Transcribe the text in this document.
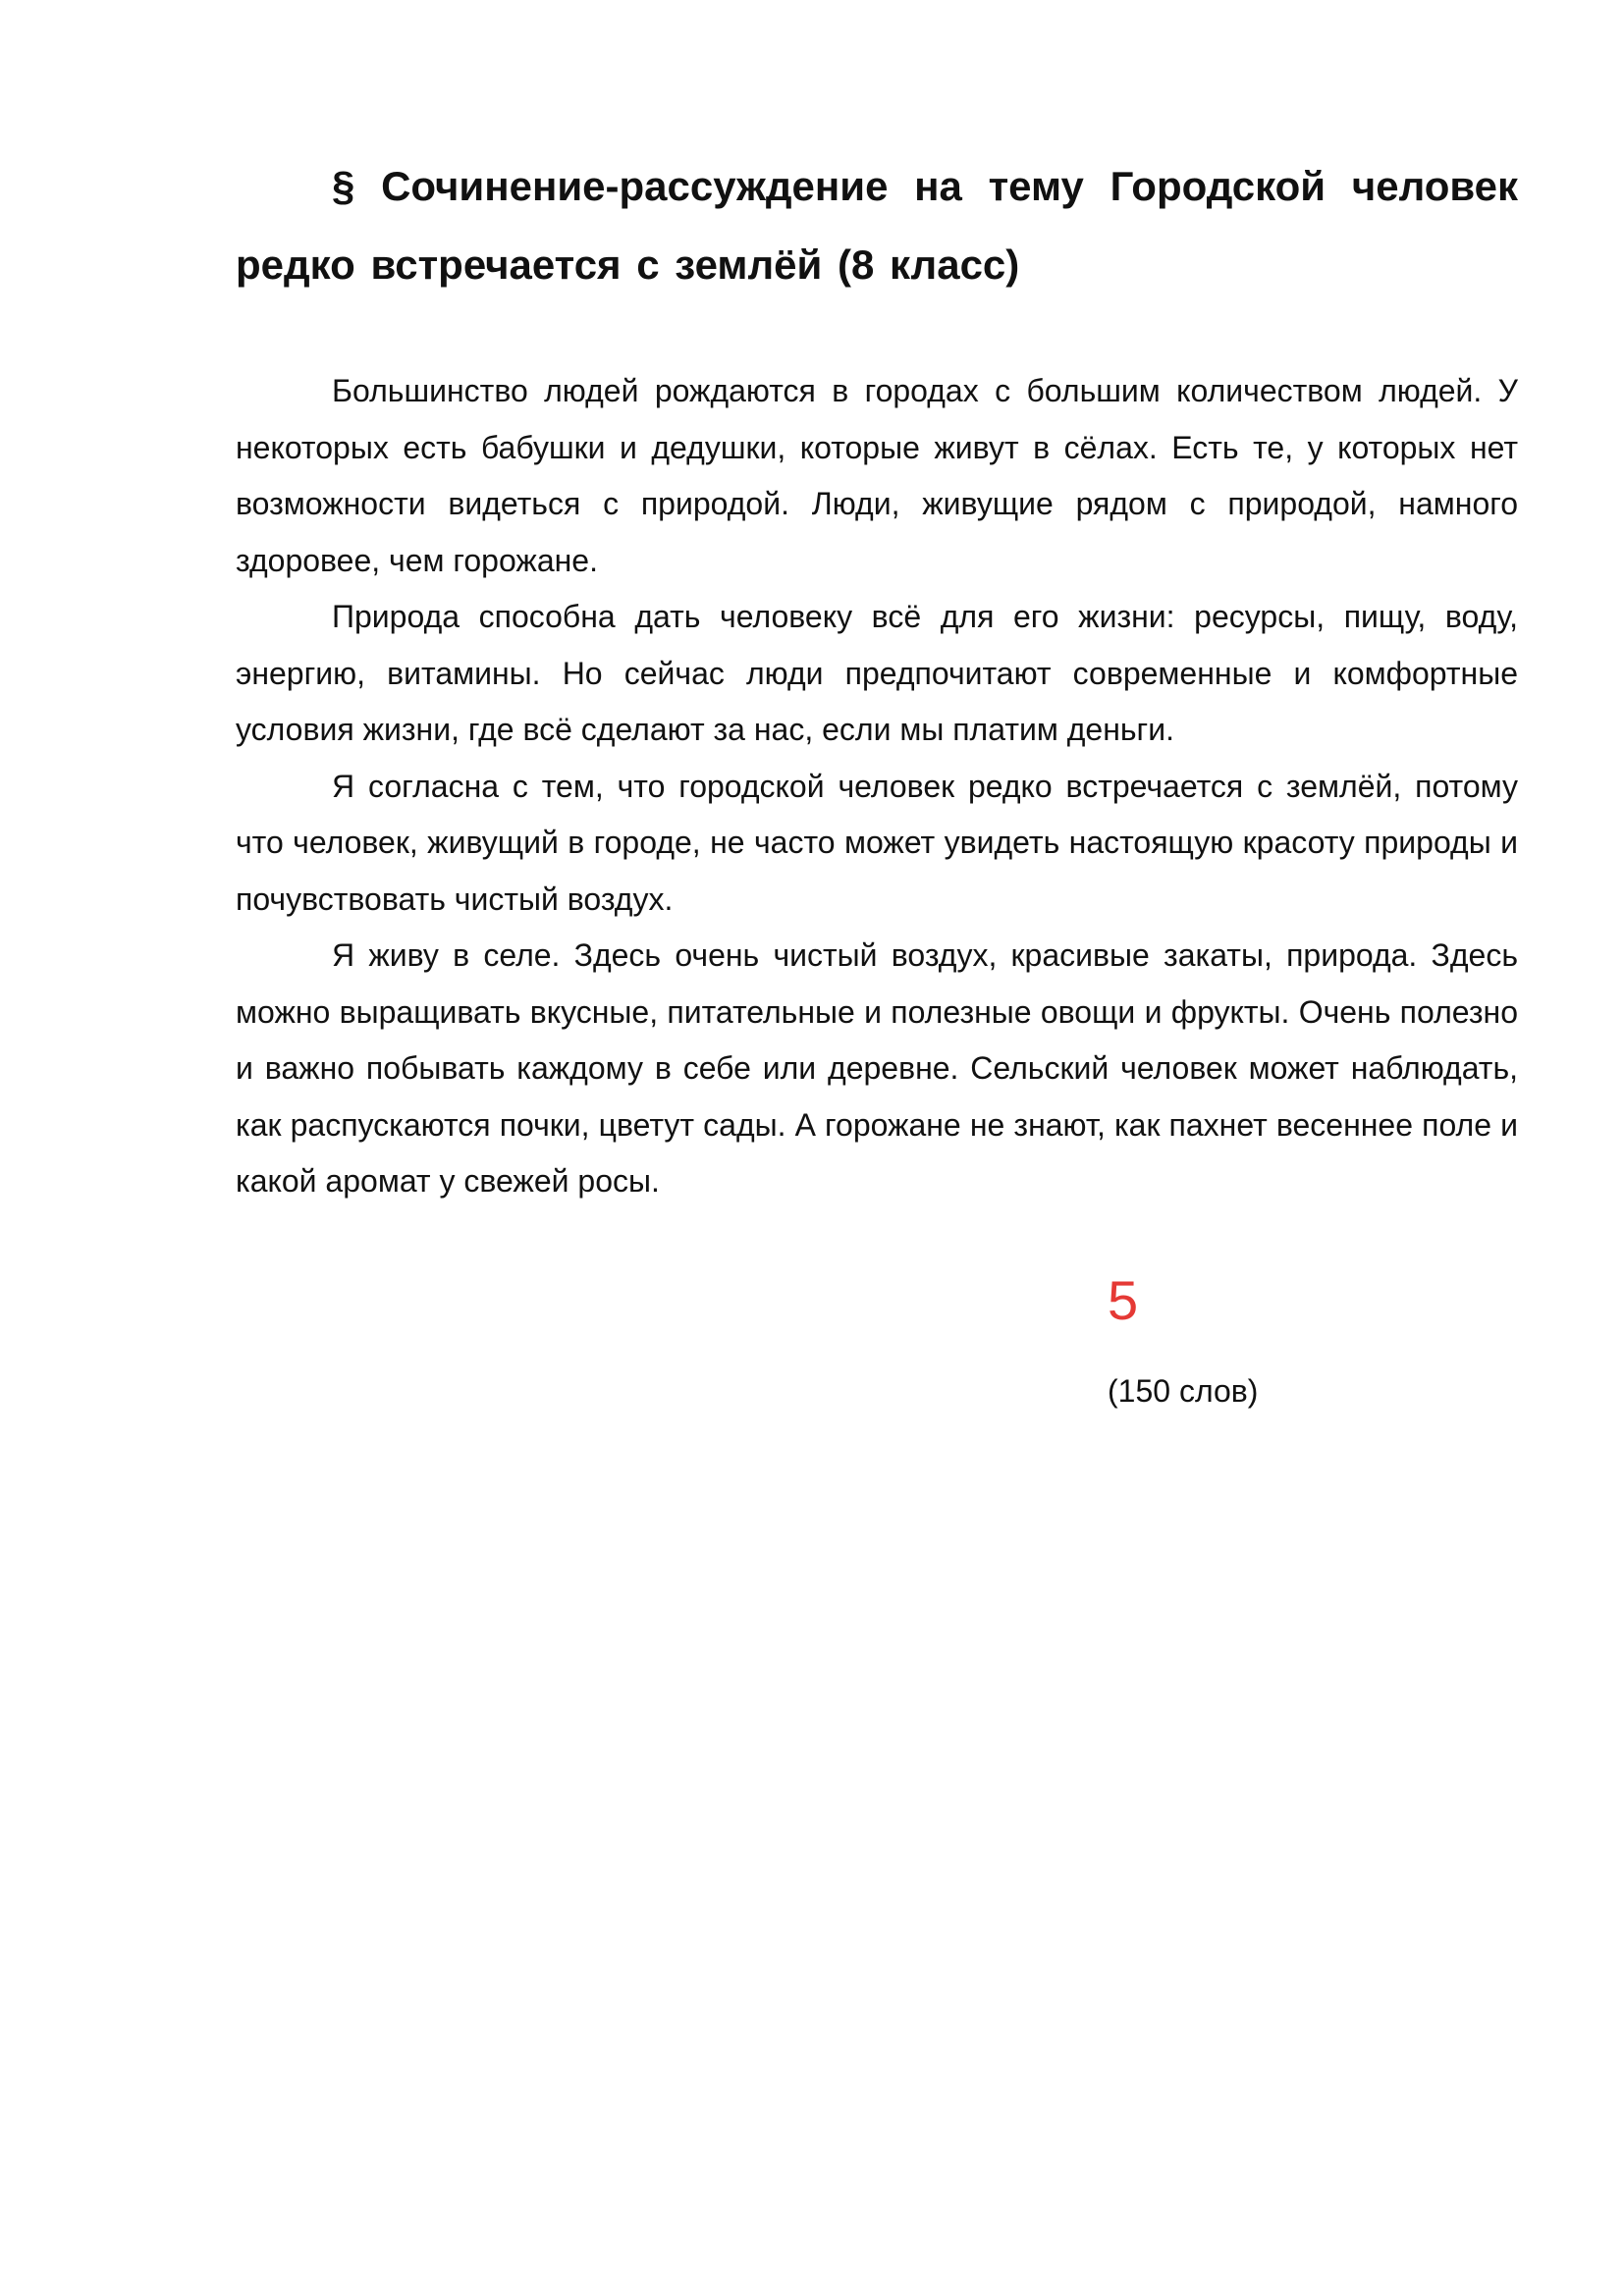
§ Сочинение-рассуждение на тему Городской человек редко встречается с землёй (8 класс)

Большинство людей рождаются в городах с большим количеством людей. У некоторых есть бабушки и дедушки, которые живут в сёлах. Есть те, у которых нет возможности видеться с природой. Люди, живущие рядом с природой, намного здоровее, чем горожане.

Природа способна дать человеку всё для его жизни: ресурсы, пищу, воду, энергию, витамины. Но сейчас люди предпочитают современные и комфортные условия жизни, где всё сделают за нас, если мы платим деньги.

Я согласна с тем, что городской человек редко встречается с землёй, потому что человек, живущий в городе, не часто может увидеть настоящую красоту природы и почувствовать чистый воздух.

Я живу в селе. Здесь очень чистый воздух, красивые закаты, природа. Здесь можно выращивать вкусные, питательные и полезные овощи и фрукты. Очень полезно и важно побывать каждому в себе или деревне. Сельский человек может наблюдать, как распускаются почки, цветут сады. А горожане не знают, как пахнет весеннее поле и какой аромат у свежей росы.

5
(150 слов)
